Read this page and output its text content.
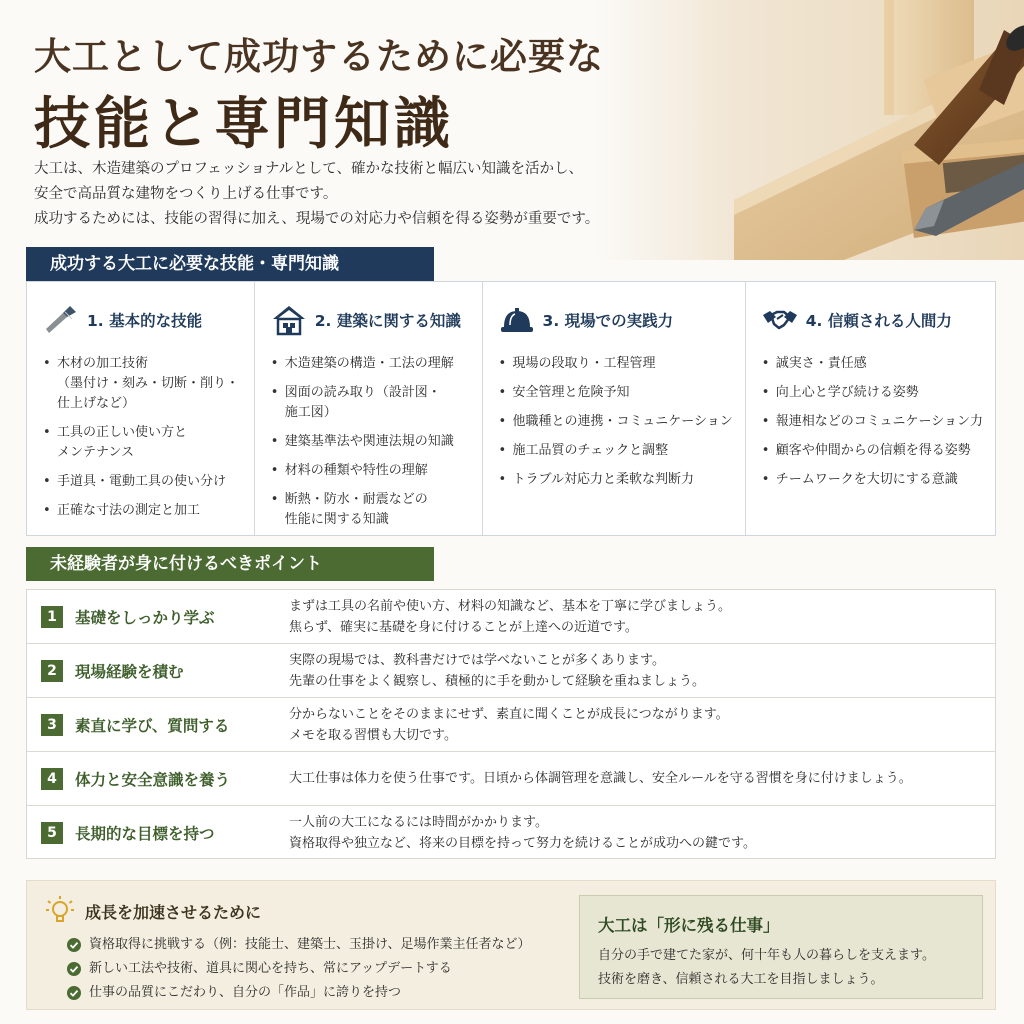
大工として成功するために必要な
技能と専門知識

大工は、木造建築のプロフェッショナルとして、確かな技術と幅広い知識を活かし、

安全で高品質な建物をつくり上げる仕事です。

成功するためには、技能の習得に加え、現場での対応力や信頼を得る姿勢が重要です。

成功する大工に必要な技能・専門知識
1. 基本的な技能
• 木材の加工技術
（墨付け・刻み・切断・削り・
仕上げなど）
• 工具の正しい使い方と
メンテナンス
• 手道具・電動工具の使い分け
• 正確な寸法の測定と加工
2. 建築に関する知識
• 木造建築の構造・工法の理解
• 図面の読み取り（設計図・
施工図）
• 建築基準法や関連法規の知識
• 材料の種類や特性の理解
• 断熱・防水・耐震などの
性能に関する知識
3. 現場での実践力
• 現場の段取り・工程管理
• 安全管理と危険予知
• 他職種との連携・コミュニケーション
• 施工品質のチェックと調整
• トラブル対応力と柔軟な判断力
4. 信頼される人間力
• 誠実さ・責任感
• 向上心と学び続ける姿勢
• 報連相などのコミュニケーション力
• 顧客や仲間からの信頼を得る姿勢
• チームワークを大切にする意識
未経験者が身に付けるべきポイント
1	基礎をしっかり学ぶ
まずは工具の名前や使い方、材料の知識など、基本を丁寧に学びましょう。
焦らず、確実に基礎を身に付けることが上達への近道です。
2	現場経験を積む
実際の現場では、教科書だけでは学べないことが多くあります。
先輩の仕事をよく観察し、積極的に手を動かして経験を重ねましょう。
3	素直に学び、質問する
分からないことをそのままにせず、素直に聞くことが成長につながります。
メモを取る習慣も大切です。
4	体力と安全意識を養う	大工仕事は体力を使う仕事です。日頃から体調管理を意識し、安全ルールを守る習慣を身に付けましょう。
5	長期的な目標を持つ
一人前の大工になるには時間がかかります。
資格取得や独立など、将来の目標を持って努力を続けることが成功への鍵です。
成長を加速させるために
資格取得に挑戦する（例：技能士、建築士、玉掛け、足場作業主任者など）
新しい工法や技術、道具に関心を持ち、常にアップデートする
仕事の品質にこだわり、自分の「作品」に誇りを持つ
大工は「形に残る仕事」
自分の手で建てた家が、何十年も人の暮らしを支えます。
技術を磨き、信頼される大工を目指しましょう。
